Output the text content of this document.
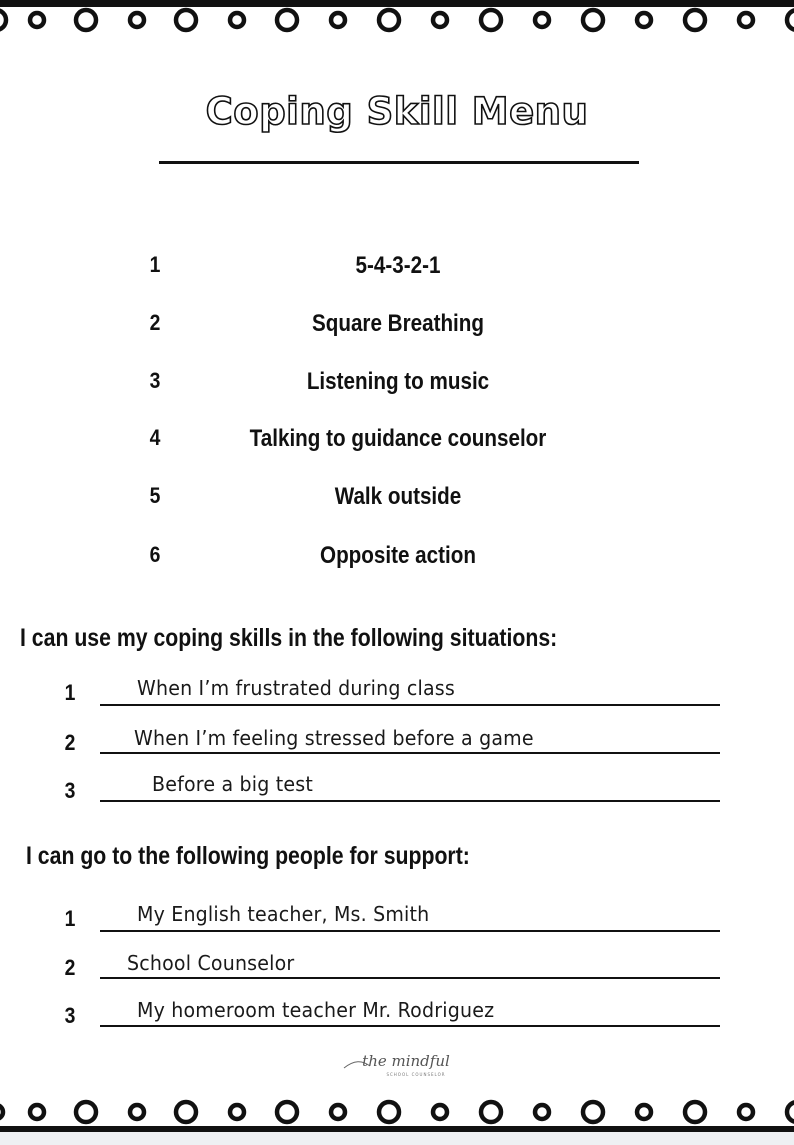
Coping Skill Menu
1	5-4-3-2-1
2	Square Breathing
3	Listening to music
4	Talking to guidance counselor
5	Walk outside
6	Opposite action
I can use my coping skills in the following situations:
1	When I’m frustrated during class
2	When I’m feeling stressed before a game
3	Before a big test
I can go to the following people for support:
1	My English teacher, Ms. Smith
2	School Counselor
3	My homeroom teacher Mr. Rodriguez
the mindful
SCHOOL COUNSELOR
